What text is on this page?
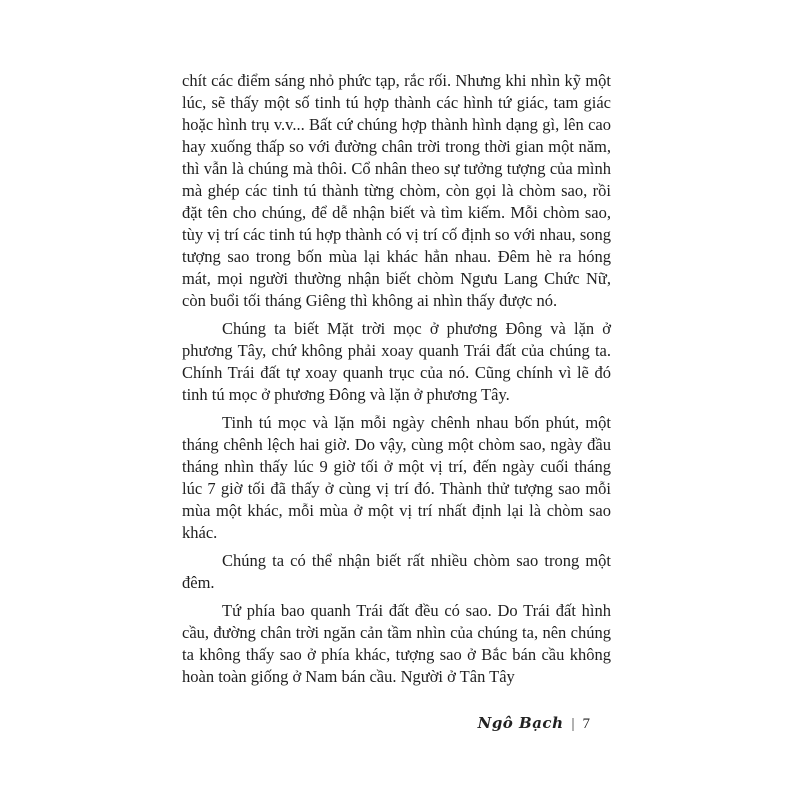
chít các điểm sáng nhỏ phức tạp, rắc rối. Nhưng khi nhìn kỹ một lúc, sẽ thấy một số tinh tú hợp thành các hình tứ giác, tam giác hoặc hình trụ v.v... Bất cứ chúng hợp thành hình dạng gì, lên cao hay xuống thấp so với đường chân trời trong thời gian một năm, thì vẫn là chúng mà thôi. Cổ nhân theo sự tưởng tượng của mình mà ghép các tinh tú thành từng chòm, còn gọi là chòm sao, rồi đặt tên cho chúng, để dễ nhận biết và tìm kiếm. Mỗi chòm sao, tùy vị trí các tinh tú hợp thành có vị trí cố định so với nhau, song tượng sao trong bốn mùa lại khác hẳn nhau. Đêm hè ra hóng mát, mọi người thường nhận biết chòm Ngưu Lang Chức Nữ, còn buổi tối tháng Giêng thì không ai nhìn thấy được nó.

Chúng ta biết Mặt trời mọc ở phương Đông và lặn ở phương Tây, chứ không phải xoay quanh Trái đất của chúng ta. Chính Trái đất tự xoay quanh trục của nó. Cũng chính vì lẽ đó tinh tú mọc ở phương Đông và lặn ở phương Tây.

Tinh tú mọc và lặn mỗi ngày chênh nhau bốn phút, một tháng chênh lệch hai giờ. Do vậy, cùng một chòm sao, ngày đầu tháng nhìn thấy lúc 9 giờ tối ở một vị trí, đến ngày cuối tháng lúc 7 giờ tối đã thấy ở cùng vị trí đó. Thành thử tượng sao mỗi mùa một khác, mỗi mùa ở một vị trí nhất định lại là chòm sao khác.

Chúng ta có thể nhận biết rất nhiều chòm sao trong một đêm.

Tứ phía bao quanh Trái đất đều có sao. Do Trái đất hình cầu, đường chân trời ngăn cản tầm nhìn của chúng ta, nên chúng ta không thấy sao ở phía khác, tượng sao ở Bắc bán cầu không hoàn toàn giống ở Nam bán cầu. Người ở Tân Tây

Ngô Bạch | 7
